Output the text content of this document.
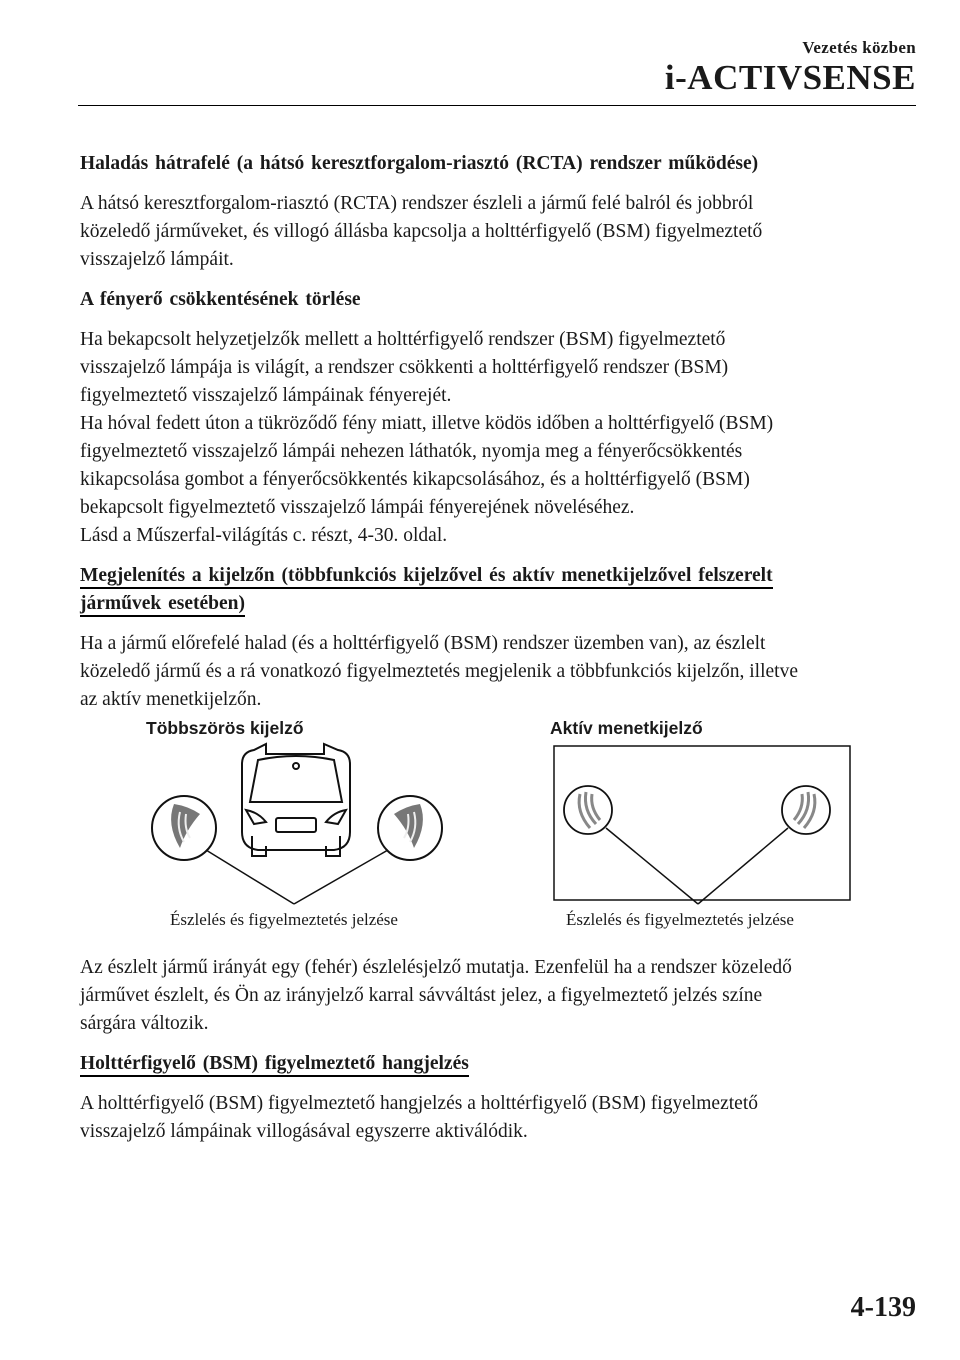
Vezetés közben
i-ACTIVSENSE
Haladás hátrafelé (a hátsó keresztforgalom-riasztó (RCTA) rendszer működése)

A hátsó keresztforgalom-riasztó (RCTA) rendszer észleli a jármű felé balról és jobbról
közeledő járműveket, és villogó állásba kapcsolja a holttérfigyelő (BSM) figyelmeztető
visszajelző lámpáit.

A fényerő csökkentésének törlése

Ha bekapcsolt helyzetjelzők mellett a holttérfigyelő rendszer (BSM) figyelmeztető
visszajelző lámpája is világít, a rendszer csökkenti a holttérfigyelő rendszer (BSM)
figyelmeztető visszajelző lámpáinak fényerejét.
Ha hóval fedett úton a tükröződő fény miatt, illetve ködös időben a holttérfigyelő (BSM)
figyelmeztető visszajelző lámpái nehezen láthatók, nyomja meg a fényerőcsökkentés
kikapcsolása gombot a fényerőcsökkentés kikapcsolásához, és a holttérfigyelő (BSM)
bekapcsolt figyelmeztető visszajelző lámpái fényerejének növeléséhez.
Lásd a Műszerfal-világítás c. részt, 4-30. oldal.

Megjelenítés a kijelzőn (többfunkciós kijelzővel és aktív menetkijelzővel felszerelt
járművek esetében)

Ha a jármű előrefelé halad (és a holttérfigyelő (BSM) rendszer üzemben van), az észlelt
közeledő jármű és a rá vonatkozó figyelmeztetés megjelenik a többfunkciós kijelzőn, illetve
az aktív menetkijelzőn.

Többszörös kijelző	Aktív menetkijelző
Észlelés és figyelmeztetés jelzése	Észlelés és figyelmeztetés jelzése

Az észlelt jármű irányát egy (fehér) észlelésjelző mutatja. Ezenfelül ha a rendszer közeledő
járművet észlelt, és Ön az irányjelző karral sávváltást jelez, a figyelmeztető jelzés színe
sárgára változik.

Holttérfigyelő (BSM) figyelmeztető hangjelzés

A holttérfigyelő (BSM) figyelmeztető hangjelzés a holttérfigyelő (BSM) figyelmeztető
visszajelző lámpáinak villogásával egyszerre aktiválódik.

4-139
